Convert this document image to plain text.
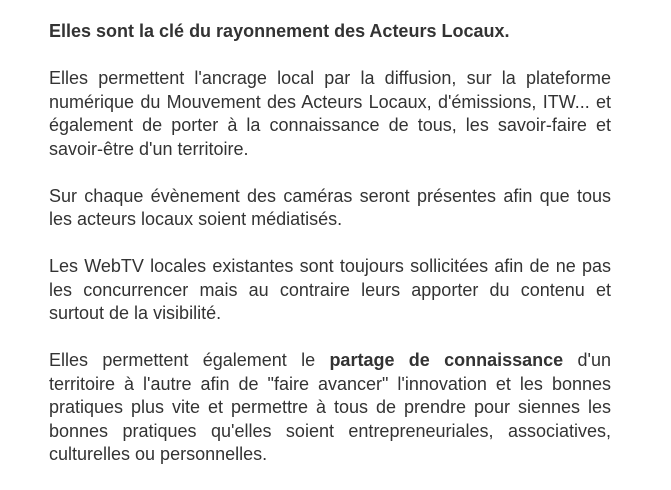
Elles sont la clé du rayonnement des Acteurs Locaux.

Elles permettent l'ancrage local par la diffusion, sur la plateforme numérique du Mouvement des Acteurs Locaux, d'émissions, ITW... et également de porter à la connaissance de tous, les savoir-faire et savoir-être d'un territoire.

Sur chaque évènement des caméras seront présentes afin que tous les acteurs locaux soient médiatisés.

Les WebTV locales existantes sont toujours sollicitées afin de ne pas les concurrencer mais au contraire leurs apporter du contenu et surtout de la visibilité.

Elles permettent également le partage de connaissance d'un territoire à l'autre afin de "faire avancer" l'innovation et les bonnes pratiques plus vite et permettre à tous de prendre pour siennes les bonnes pratiques qu'elles soient entrepreneuriales, associatives, culturelles ou personnelles.
